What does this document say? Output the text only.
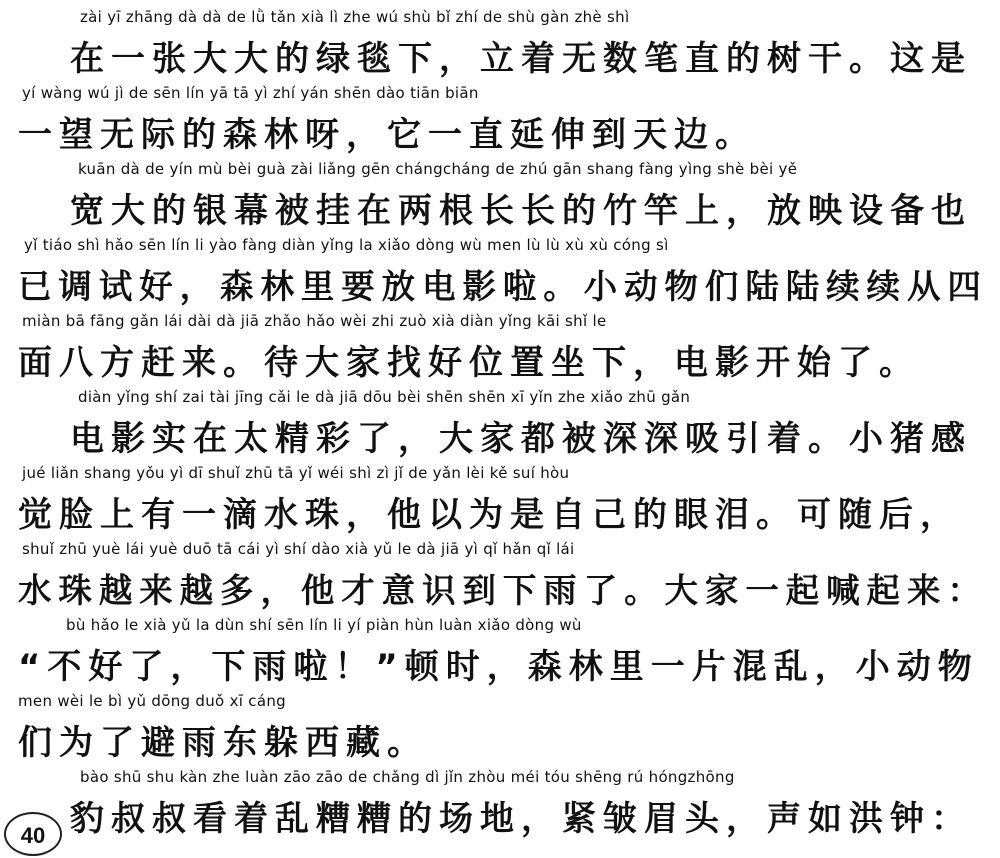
zài yī zhāng dà dà de lǜ tǎn xià lì zhe wú shù bǐ zhí de shù gàn zhè shì
在一张大大的绿毯下，立着无数笔直的树干。这是
yí wàng wú jì de sēn lín yā tā yì zhí yán shēn dào tiān biān
一望无际的森林呀，它一直延伸到天边。
kuān dà de yín mù bèi guà zài liǎng gēn chángcháng de zhú gān shang fàng yìng shè bèi yě
宽大的银幕被挂在两根长长的竹竿上，放映设备也
yǐ tiáo shì hǎo sēn lín li yào fàng diàn yǐng la xiǎo dòng wù men lù lù xù xù cóng sì
已调试好，森林里要放电影啦。小动物们陆陆续续从四
miàn bā fāng gǎn lái dài dà jiā zhǎo hǎo wèi zhi zuò xià diàn yǐng kāi shǐ le
面八方赶来。待大家找好位置坐下，电影开始了。
diàn yǐng shí zai tài jīng cǎi le dà jiā dōu bèi shēn shēn xī yǐn zhe xiǎo zhū gǎn
电影实在太精彩了，大家都被深深吸引着。小猪感
jué liǎn shang yǒu yì dī shuǐ zhū tā yǐ wéi shì zì jǐ de yǎn lèi kě suí hòu
觉脸上有一滴水珠，他以为是自己的眼泪。可随后，
shuǐ zhū yuè lái yuè duō tā cái yì shí dào xià yǔ le dà jiā yì qǐ hǎn qǐ lái
水珠越来越多，他才意识到下雨了。大家一起喊起来：
bù hǎo le xià yǔ la dùn shí sēn lín li yí piàn hùn luàn xiǎo dòng wù
“不好了，下雨啦！”顿时，森林里一片混乱，小动物
men wèi le bì yǔ dōng duǒ xī cáng
们为了避雨东躲西藏。
bào shū shu kàn zhe luàn zāo zāo de chǎng dì jǐn zhòu méi tóu shēng rú hóngzhōng
豹叔叔看着乱糟糟的场地，紧皱眉头，声如洪钟：
40
